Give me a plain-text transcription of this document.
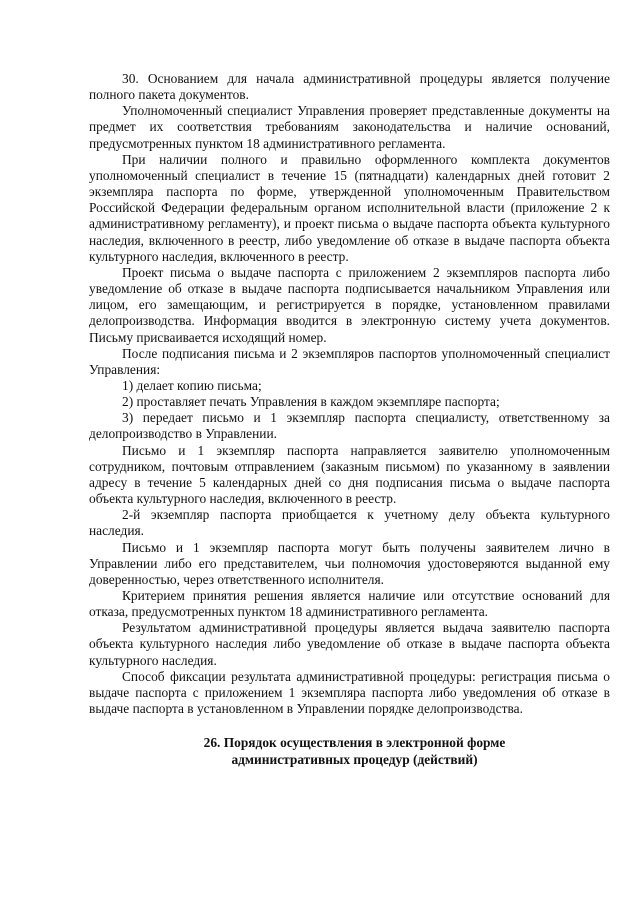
30. Основанием для начала административной процедуры является получение полного пакета документов.

Уполномоченный специалист Управления проверяет представленные документы на предмет их соответствия требованиям законодательства и наличие оснований, предусмотренных пунктом 18 административного регламента.

При наличии полного и правильно оформленного комплекта документов уполномоченный специалист в течение 15 (пятнадцати) календарных дней готовит 2 экземпляра паспорта по форме, утвержденной уполномоченным Правительством Российской Федерации федеральным органом исполнительной власти (приложение 2 к административному регламенту), и проект письма о выдаче паспорта объекта культурного наследия, включенного в реестр, либо уведомление об отказе в выдаче паспорта объекта культурного наследия, включенного в реестр.

Проект письма о выдаче паспорта с приложением 2 экземпляров паспорта либо уведомление об отказе в выдаче паспорта подписывается начальником Управления или лицом, его замещающим, и регистрируется в порядке, установленном правилами делопроизводства. Информация вводится в электронную систему учета документов. Письму присваивается исходящий номер.

После подписания письма и 2 экземпляров паспортов уполномоченный специалист Управления:

1) делает копию письма;

2) проставляет печать Управления в каждом экземпляре паспорта;

3) передает письмо и 1 экземпляр паспорта специалисту, ответственному за делопроизводство в Управлении.

Письмо и 1 экземпляр паспорта направляется заявителю уполномоченным сотрудником, почтовым отправлением (заказным письмом) по указанному в заявлении адресу в течение 5 календарных дней со дня подписания письма о выдаче паспорта объекта культурного наследия, включенного в реестр.

2-й экземпляр паспорта приобщается к учетному делу объекта культурного наследия.

Письмо и 1 экземпляр паспорта могут быть получены заявителем лично в Управлении либо его представителем, чьи полномочия удостоверяются выданной ему доверенностью, через ответственного исполнителя.

Критерием принятия решения является наличие или отсутствие оснований для отказа, предусмотренных пунктом 18 административного регламента.

Результатом административной процедуры является выдача заявителю паспорта объекта культурного наследия либо уведомление об отказе в выдаче паспорта объекта культурного наследия.

Способ фиксации результата административной процедуры: регистрация письма о выдаче паспорта с приложением 1 экземпляра паспорта либо уведомления об отказе в выдаче паспорта в установленном в Управлении порядке делопроизводства.

26. Порядок осуществления в электронной форме
административных процедур (действий)
